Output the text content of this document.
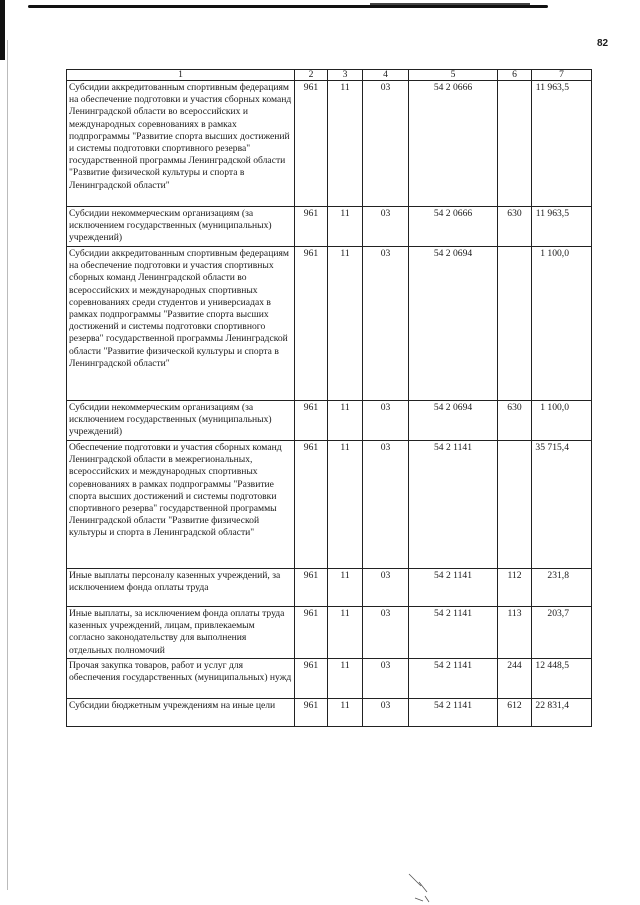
82
1	2	3	4	5	6	7
Субсидии аккредитованным спортивным федерациям на обеспечение подготовки и участия сборных команд Ленинградской области во всероссийских и международных соревнованиях в рамках подпрограммы "Развитие спорта высших достижений и системы подготовки спортивного резерва" государственной программы Ленинградской области "Развитие физической культуры и спорта в Ленинградской области"	961	11	03	54 2 0666		11 963,5
Субсидии некоммерческим организациям (за исключением государственных (муниципальных) учреждений)	961	11	03	54 2 0666	630	11 963,5
Субсидии аккредитованным спортивным федерациям на обеспечение подготовки и участия спортивных сборных команд Ленинградской области во всероссийских и международных спортивных соревнованиях среди студентов и универсиадах в рамках подпрограммы "Развитие спорта высших достижений и системы подготовки спортивного резерва" государственной программы Ленинградской области "Развитие физической культуры и спорта в Ленинградской области"	961	11	03	54 2 0694		1 100,0
Субсидии некоммерческим организациям (за исключением государственных (муниципальных) учреждений)	961	11	03	54 2 0694	630	1 100,0
Обеспечение подготовки и участия сборных команд Ленинградской области в межрегиональных, всероссийских и международных спортивных соревнованиях в рамках подпрограммы "Развитие спорта высших достижений и системы подготовки спортивного резерва" государственной программы Ленинградской области "Развитие физической культуры и спорта в Ленинградской области"	961	11	03	54 2 1141		35 715,4
Иные выплаты персоналу казенных учреждений, за исключением фонда оплаты труда	961	11	03	54 2 1141	112	231,8
Иные выплаты, за исключением фонда оплаты труда казенных учреждений, лицам, привлекаемым согласно законодательству для выполнения отдельных полномочий	961	11	03	54 2 1141	113	203,7
Прочая закупка товаров, работ и услуг для обеспечения государственных (муниципальных) нужд	961	11	03	54 2 1141	244	12 448,5
Субсидии бюджетным учреждениям на иные цели	961	11	03	54 2 1141	612	22 831,4
